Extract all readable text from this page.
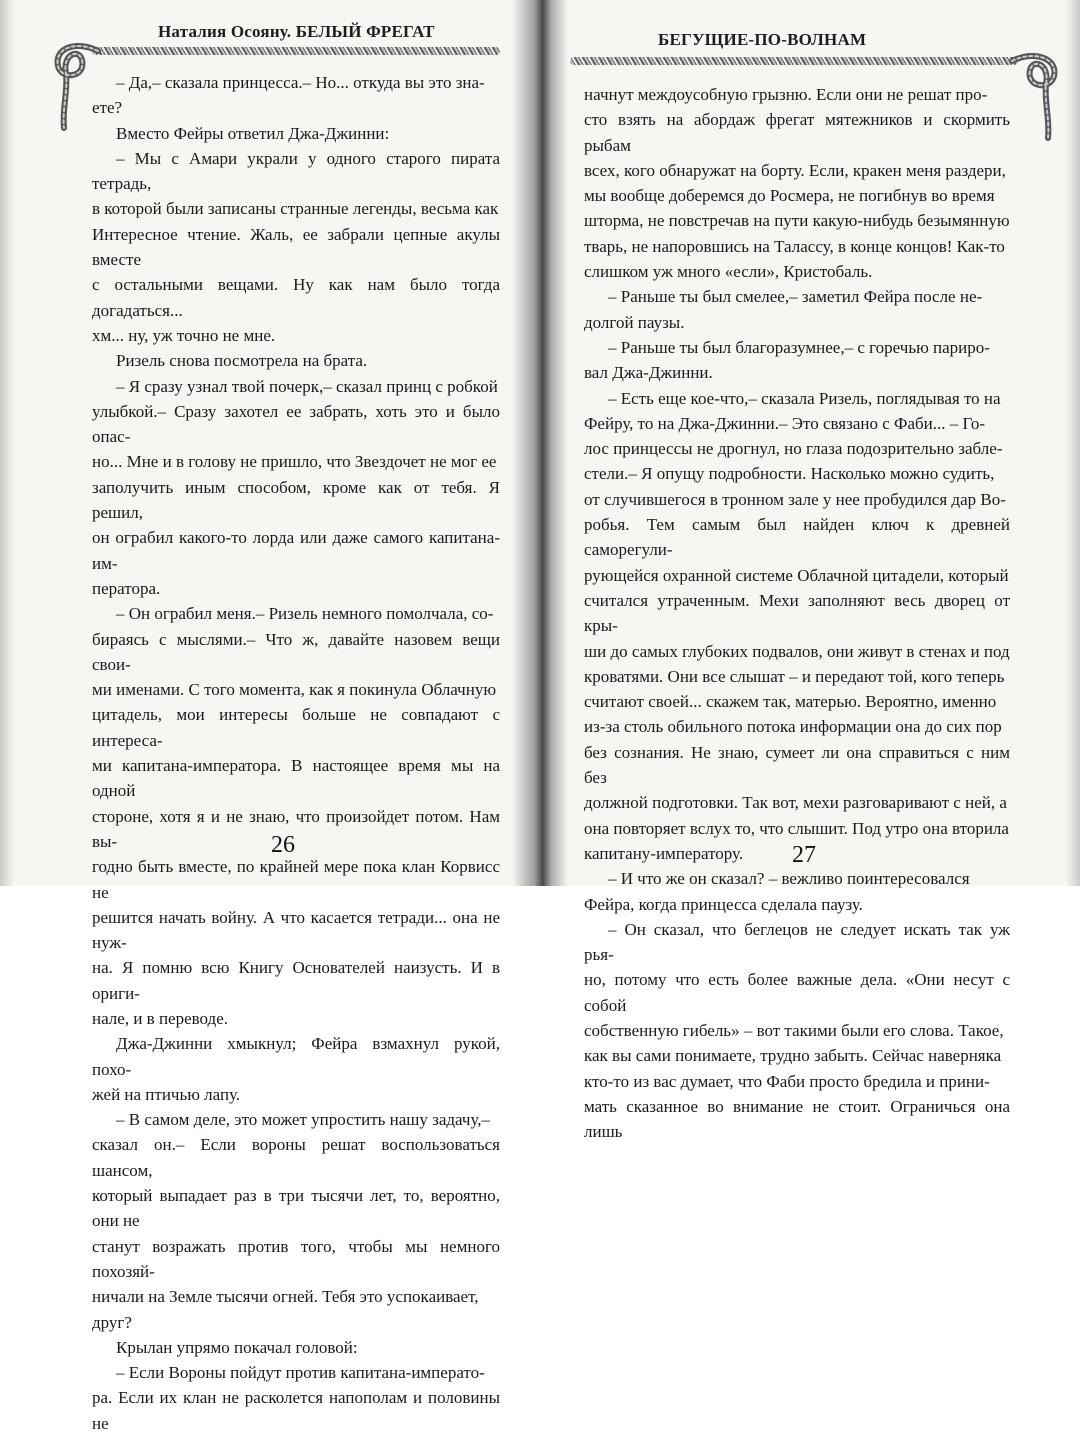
Наталия Осояну. БЕЛЫЙ ФРЕГАТ

– Да,– сказала принцесса.– Но... откуда вы это зна-

ете?

Вместо Фейры ответил Джа-Джинни:

– Мы с Амари украли у одного старого пирата тетрадь,

в которой были записаны странные легенды, весьма как

Интересное чтение. Жаль, ее забрали цепные акулы вместе

с остальными вещами. Ну как нам было тогда догадаться...

хм... ну, уж точно не мне.

Ризель снова посмотрела на брата.

– Я сразу узнал твой почерк,– сказал принц с робкой

улыбкой.– Сразу захотел ее забрать, хоть это и было опас-

но... Мне и в голову не пришло, что Звездочет не мог ее

заполучить иным способом, кроме как от тебя. Я решил,

он ограбил какого-то лорда или даже самого капитана-им-

ператора.

– Он ограбил меня.– Ризель немного помолчала, со-

бираясь с мыслями.– Что ж, давайте назовем вещи свои-

ми именами. С того момента, как я покинула Облачную

цитадель, мои интересы больше не совпадают с интереса-

ми капитана-императора. В настоящее время мы на одной

стороне, хотя я и не знаю, что произойдет потом. Нам вы-

годно быть вместе, по крайней мере пока клан Корвисс не

решится начать войну. А что касается тетради... она не нуж-

на. Я помню всю Книгу Основателей наизусть. И в ориги-

нале, и в переводе.

Джа-Джинни хмыкнул; Фейра взмахнул рукой, похо-

жей на птичью лапу.

– В самом деле, это может упростить нашу задачу,–

сказал он.– Если вороны решат воспользоваться шансом,

который выпадает раз в три тысячи лет, то, вероятно, они не

станут возражать против того, чтобы мы немного похозяй-

ничали на Земле тысячи огней. Тебя это успокаивает, друг?

Крылан упрямо покачал головой:

– Если Вороны пойдут против капитана-императо-

ра. Если их клан не расколется напополам и половины не

26
БЕГУЩИЕ-ПО-ВОЛНАМ

начнут междоусобную грызню. Если они не решат про-

сто взять на абордаж фрегат мятежников и скормить рыбам

всех, кого обнаружат на борту. Если, кракен меня раздери,

мы вообще доберемся до Росмера, не погибнув во время

шторма, не повстречав на пути какую-нибудь безымянную

тварь, не напоровшись на Талассу, в конце концов! Как-то

слишком уж много «если», Кристобаль.

– Раньше ты был смелее,– заметил Фейра после не-

долгой паузы.

– Раньше ты был благоразумнее,– с горечью париро-

вал Джа-Джинни.

– Есть еще кое-что,– сказала Ризель, поглядывая то на

Фейру, то на Джа-Джинни.– Это связано с Фаби... – Го-

лос принцессы не дрогнул, но глаза подозрительно забле-

стели.– Я опущу подробности. Насколько можно судить,

от случившегося в тронном зале у нее пробудился дар Во-

робья. Тем самым был найден ключ к древней саморегули-

рующейся охранной системе Облачной цитадели, который

считался утраченным. Мехи заполняют весь дворец от кры-

ши до самых глубоких подвалов, они живут в стенах и под

кроватями. Они все слышат – и передают той, кого теперь

считают своей... скажем так, матерью. Вероятно, именно

из-за столь обильного потока информации она до сих пор

без сознания. Не знаю, сумеет ли она справиться с ним без

должной подготовки. Так вот, мехи разговаривают с ней, а

она повторяет вслух то, что слышит. Под утро она вторила

капитану-императору.

– И что же он сказал? – вежливо поинтересовался

Фейра, когда принцесса сделала паузу.

– Он сказал, что беглецов не следует искать так уж рья-

но, потому что есть более важные дела. «Они несут с собой

собственную гибель» – вот такими были его слова. Такое,

как вы сами понимаете, трудно забыть. Сейчас наверняка

кто-то из вас думает, что Фаби просто бредила и прини-

мать сказанное во внимание не стоит. Ограничься она лишь

27
